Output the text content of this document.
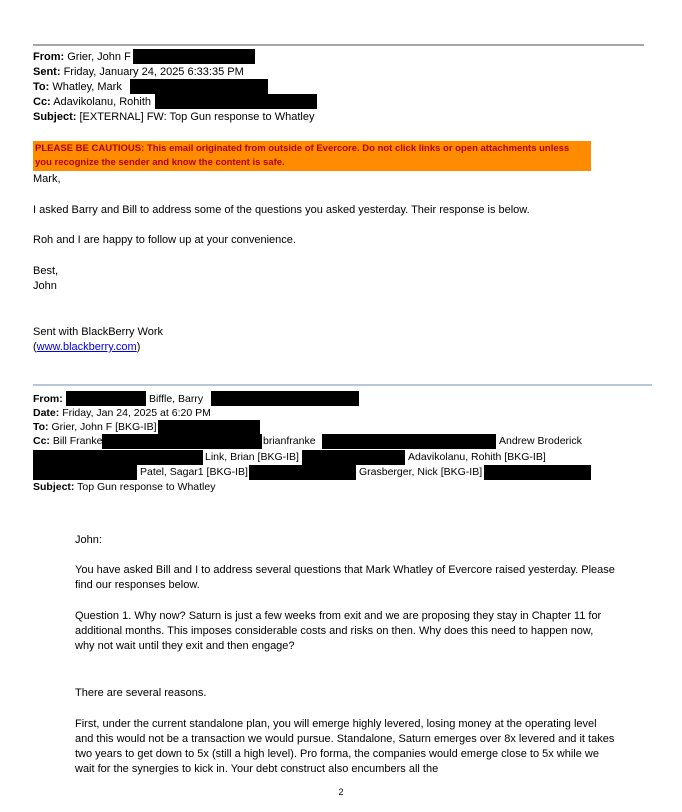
From: Grier, John F
Sent: Friday, January 24, 2025 6:33:35 PM
To: Whatley, Mark
Cc: Adavikolanu, Rohith
Subject: [EXTERNAL] FW: Top Gun response to Whatley
PLEASE BE CAUTIOUS: This email originated from outside of Evercore. Do not click links or open attachments unless
you recognize the sender and know the content is safe.
Mark,
I asked Barry and Bill to address some of the questions you asked yesterday. Their response is below.
Roh and I are happy to follow up at your convenience.
Best,
John
Sent with BlackBerry Work
(www.blackberry.com)
From:	Biffle, Barry
Date: Friday, Jan 24, 2025 at 6:20 PM
To: Grier, John F [BKG-IB]
Cc: Bill Franke	brianfranke	Andrew Broderick
Link, Brian [BKG-IB]	Adavikolanu, Rohith [BKG-IB]
Patel, Sagar1 [BKG-IB]	Grasberger, Nick [BKG-IB]
Subject: Top Gun response to Whatley
John:
You have asked Bill and I to address several questions that Mark Whatley of Evercore raised yesterday. Please find our responses below.
Question 1. Why now? Saturn is just a few weeks from exit and we are proposing they stay in Chapter 11 for additional months. This imposes considerable costs and risks on then. Why does this need to happen now, why not wait until they exit and then engage?
There are several reasons.
First, under the current standalone plan, you will emerge highly levered, losing money at the operating level and this would not be a transaction we would pursue. Standalone, Saturn emerges over 8x levered and it takes two years to get down to 5x (still a high level). Pro forma, the companies would emerge close to 5x while we wait for the synergies to kick in. Your debt construct also encumbers all the
2
